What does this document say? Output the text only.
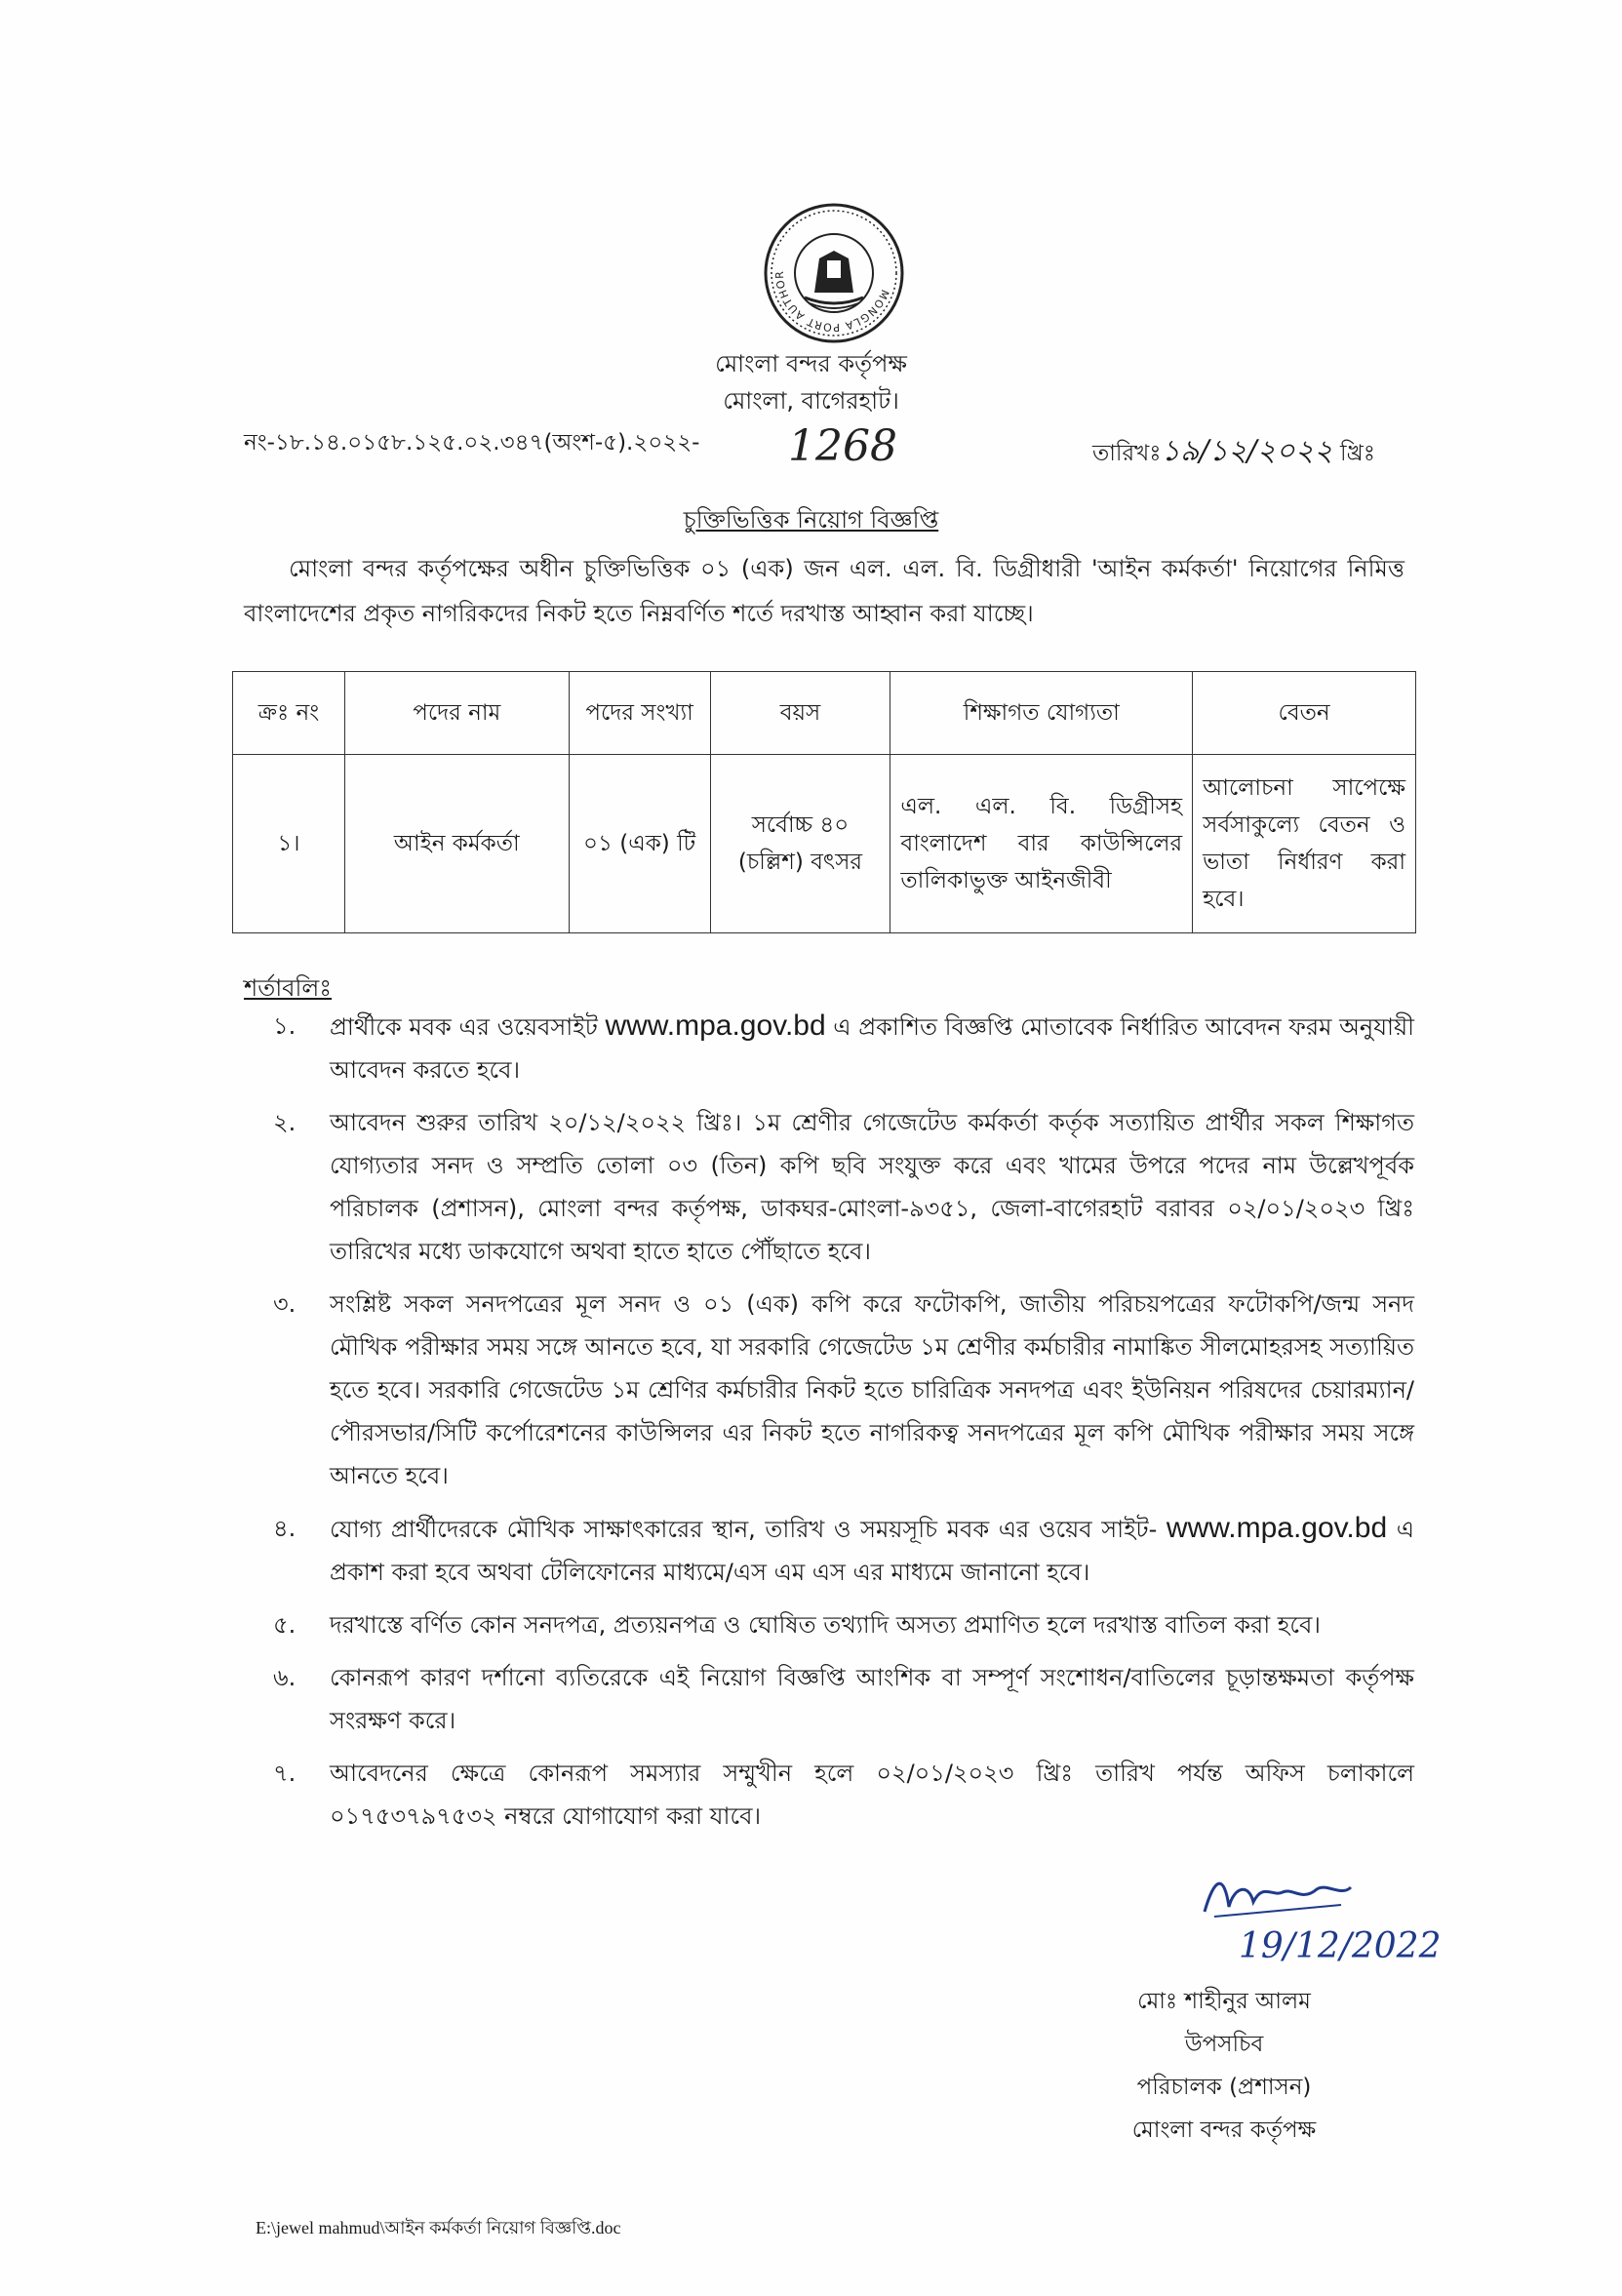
MONGLA PORT AUTHOR
মোংলা বন্দর কর্তৃপক্ষ
মোংলা, বাগেরহাট।
নং-১৮.১৪.০১৫৮.১২৫.০২.৩৪৭(অংশ-৫).২০২২- 1268	তারিখঃ১৯/১২/২০২২ খ্রিঃ
চুক্তিভিত্তিক নিয়োগ বিজ্ঞপ্তি
মোংলা বন্দর কর্তৃপক্ষের অধীন চুক্তিভিত্তিক ০১ (এক) জন এল. এল. বি. ডিগ্রীধারী 'আইন কর্মকর্তা' নিয়োগের নিমিত্ত বাংলাদেশের প্রকৃত নাগরিকদের নিকট হতে নিম্নবর্ণিত শর্তে দরখাস্ত আহ্বান করা যাচ্ছে।
ক্রঃ নং	পদের নাম	পদের সংখ্যা	বয়স	শিক্ষাগত যোগ্যতা	বেতন
১।	আইন কর্মকর্তা	০১ (এক) টি	সর্বোচ্চ ৪০ (চল্লিশ) বৎসর	এল. এল. বি. ডিগ্রীসহ বাংলাদেশ বার কাউন্সিলের তালিকাভুক্ত আইনজীবী	আলোচনা সাপেক্ষে সর্বসাকুল্যে বেতন ও ভাতা নির্ধারণ করা হবে।
শর্তাবলিঃ
১.	প্রার্থীকে মবক এর ওয়েবসাইট www.mpa.gov.bd এ প্রকাশিত বিজ্ঞপ্তি মোতাবেক নির্ধারিত আবেদন ফরম অনুযায়ী আবেদন করতে হবে।
২.	আবেদন শুরুর তারিখ ২০/১২/২০২২ খ্রিঃ। ১ম শ্রেণীর গেজেটেড কর্মকর্তা কর্তৃক সত্যায়িত প্রার্থীর সকল শিক্ষাগত যোগ্যতার সনদ ও সম্প্রতি তোলা ০৩ (তিন) কপি ছবি সংযুক্ত করে এবং খামের উপরে পদের নাম উল্লেখপূর্বক পরিচালক (প্রশাসন), মোংলা বন্দর কর্তৃপক্ষ, ডাকঘর-মোংলা-৯৩৫১, জেলা-বাগেরহাট বরাবর ০২/০১/২০২৩ খ্রিঃ তারিখের মধ্যে ডাকযোগে অথবা হাতে হাতে পৌঁছাতে হবে।
৩.	সংশ্লিষ্ট সকল সনদপত্রের মূল সনদ ও ০১ (এক) কপি করে ফটোকপি, জাতীয় পরিচয়পত্রের ফটোকপি/জন্ম সনদ মৌখিক পরীক্ষার সময় সঙ্গে আনতে হবে, যা সরকারি গেজেটেড ১ম শ্রেণীর কর্মচারীর নামাঙ্কিত সীলমোহরসহ সত্যায়িত হতে হবে। সরকারি গেজেটেড ১ম শ্রেণির কর্মচারীর নিকট হতে চারিত্রিক সনদপত্র এবং ইউনিয়ন পরিষদের চেয়ারম্যান/পৌরসভার/সিটি কর্পোরেশনের কাউন্সিলর এর নিকট হতে নাগরিকত্ব সনদপত্রের মূল কপি মৌখিক পরীক্ষার সময় সঙ্গে আনতে হবে।
৪.	যোগ্য প্রার্থীদেরকে মৌখিক সাক্ষাৎকারের স্থান, তারিখ ও সময়সূচি মবক এর ওয়েব সাইট- www.mpa.gov.bd এ প্রকাশ করা হবে অথবা টেলিফোনের মাধ্যমে/এস এম এস এর মাধ্যমে জানানো হবে।
৫.	দরখাস্তে বর্ণিত কোন সনদপত্র, প্রত্যয়নপত্র ও ঘোষিত তথ্যাদি অসত্য প্রমাণিত হলে দরখাস্ত বাতিল করা হবে।
৬.	কোনরূপ কারণ দর্শানো ব্যতিরেকে এই নিয়োগ বিজ্ঞপ্তি আংশিক বা সম্পূর্ণ সংশোধন/বাতিলের চূড়ান্তক্ষমতা কর্তৃপক্ষ সংরক্ষণ করে।
৭.	আবেদনের ক্ষেত্রে কোনরূপ সমস্যার সম্মুখীন হলে ০২/০১/২০২৩ খ্রিঃ তারিখ পর্যন্ত অফিস চলাকালে ০১৭৫৩৭৯৭৫৩২ নম্বরে যোগাযোগ করা যাবে।
19/12/2022
মোঃ শাহীনুর আলম
উপসচিব
পরিচালক (প্রশাসন)
মোংলা বন্দর কর্তৃপক্ষ
E:\jewel mahmud\আইন কর্মকর্তা নিয়োগ বিজ্ঞপ্তি.doc
